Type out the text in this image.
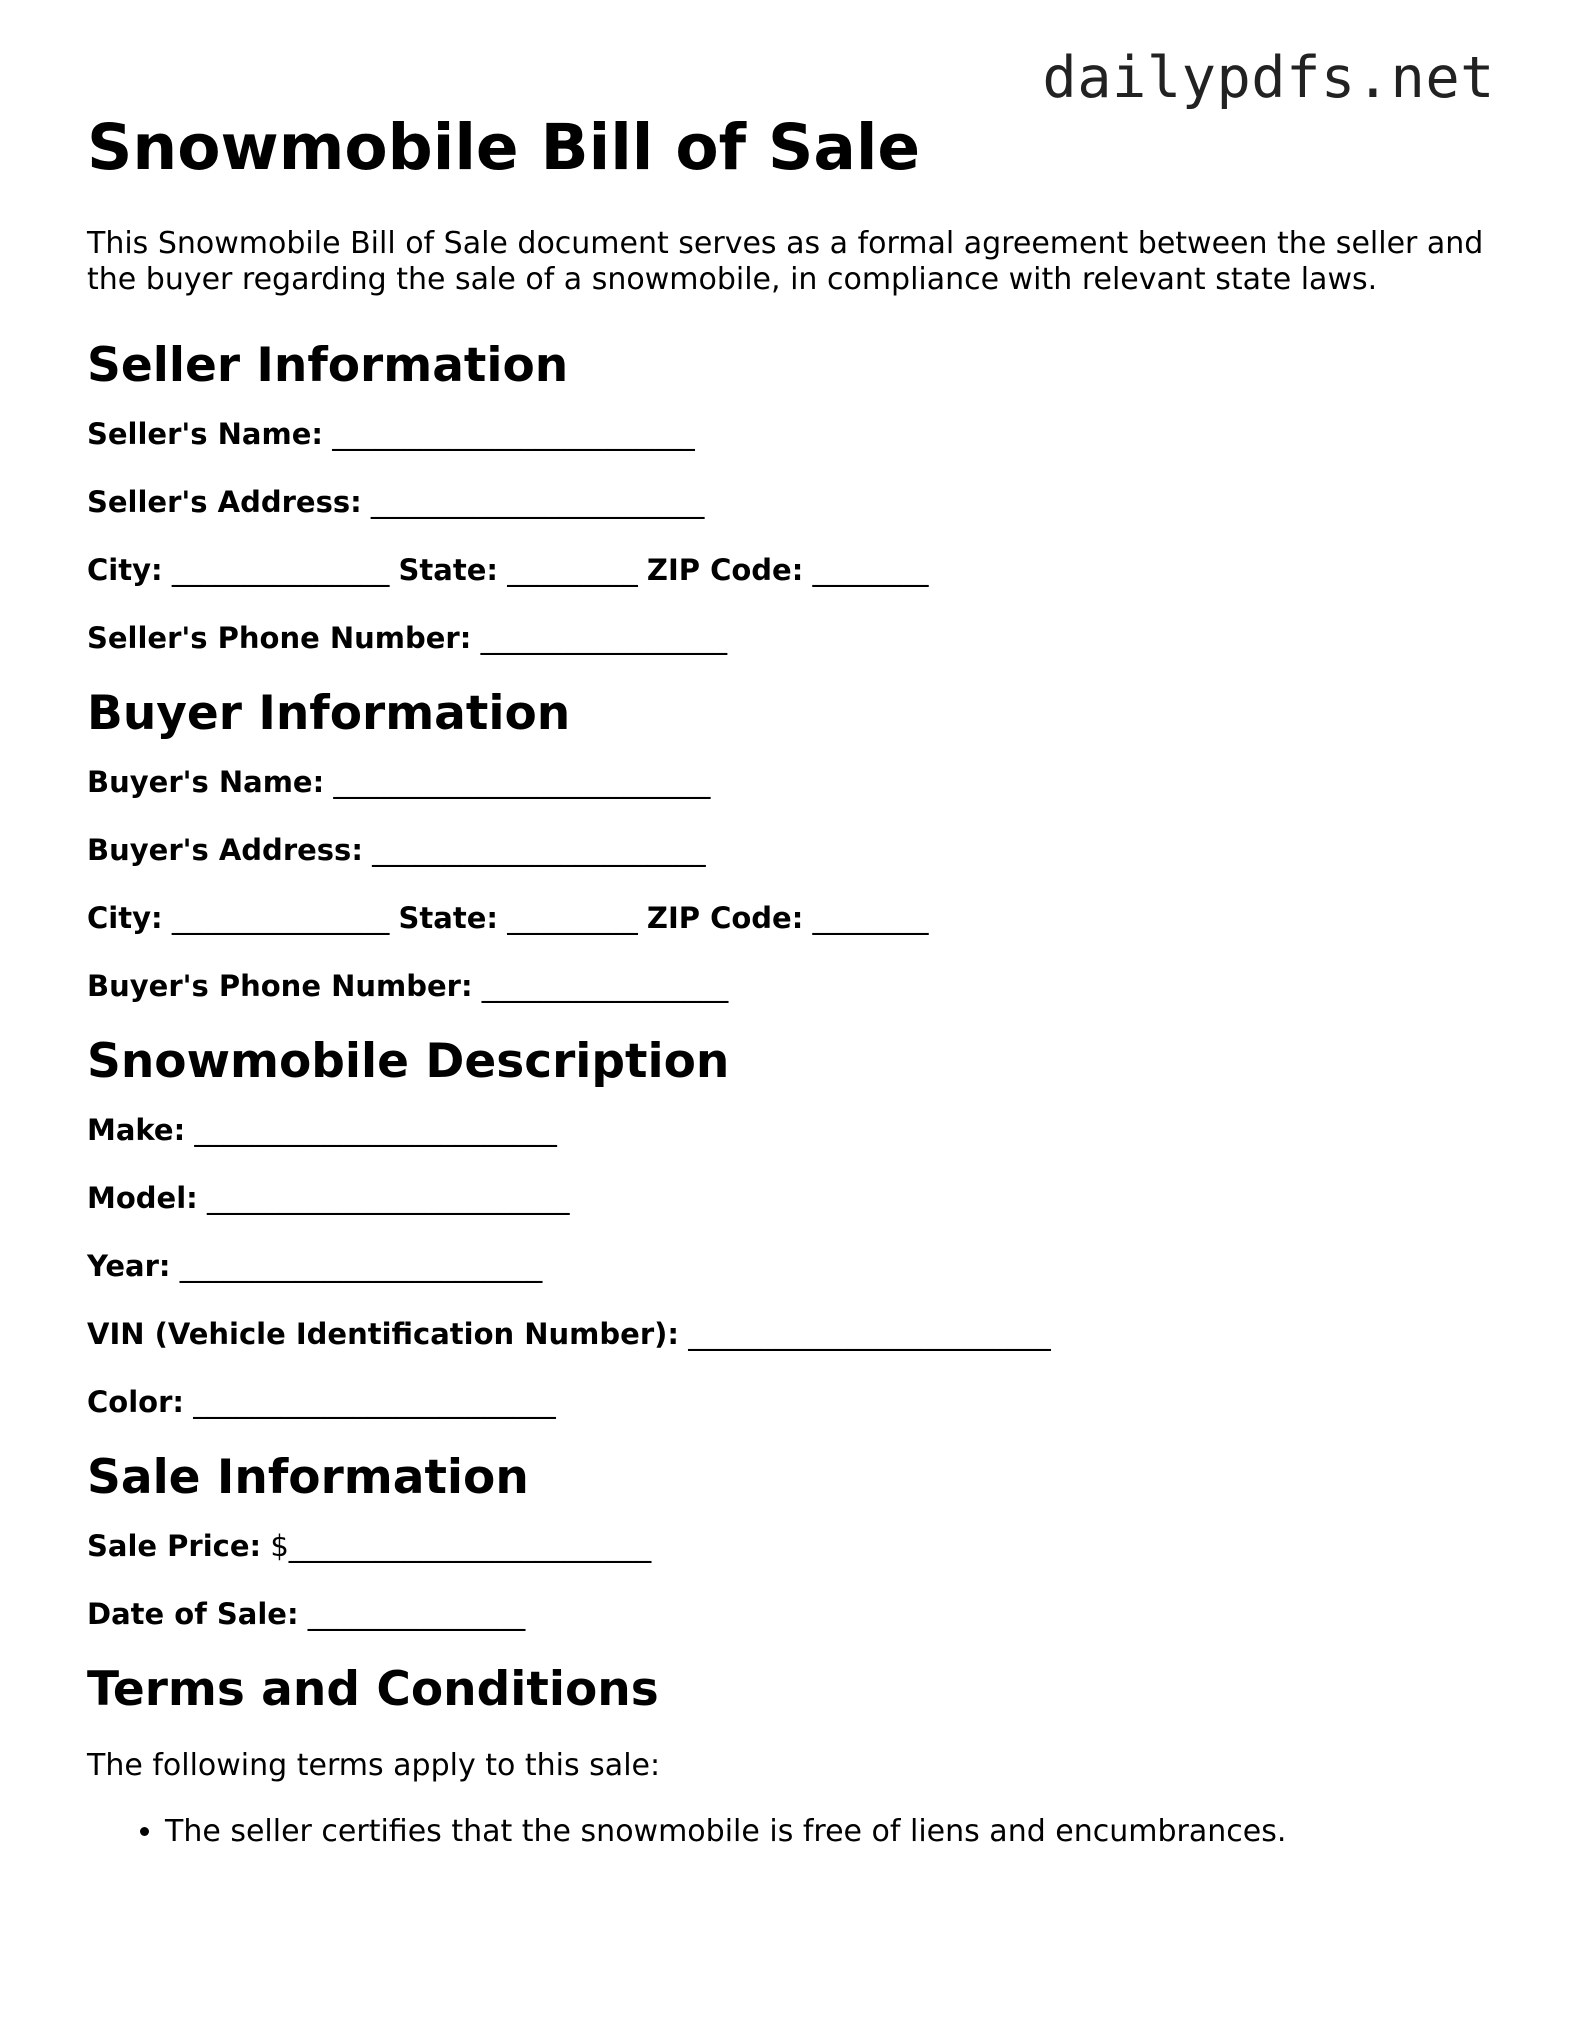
dailypdfs.net
Snowmobile Bill of Sale

This Snowmobile Bill of Sale document serves as a formal agreement between the seller and the buyer regarding the sale of a snowmobile, in compliance with relevant state laws.

Seller Information
Seller's Name: _________________________
Seller's Address: _______________________
City: _______________ State: _________ ZIP Code: ________
Seller's Phone Number: _________________
Buyer Information
Buyer's Name: __________________________
Buyer's Address: _______________________
City: _______________ State: _________ ZIP Code: ________
Buyer's Phone Number: _________________
Snowmobile Description
Make: _________________________
Model: _________________________
Year: _________________________
VIN (Vehicle Identification Number): _________________________
Color: _________________________
Sale Information
Sale Price: $_________________________
Date of Sale: _______________
Terms and Conditions
The following terms apply to this sale:
• The seller certifies that the snowmobile is free of liens and encumbrances.
